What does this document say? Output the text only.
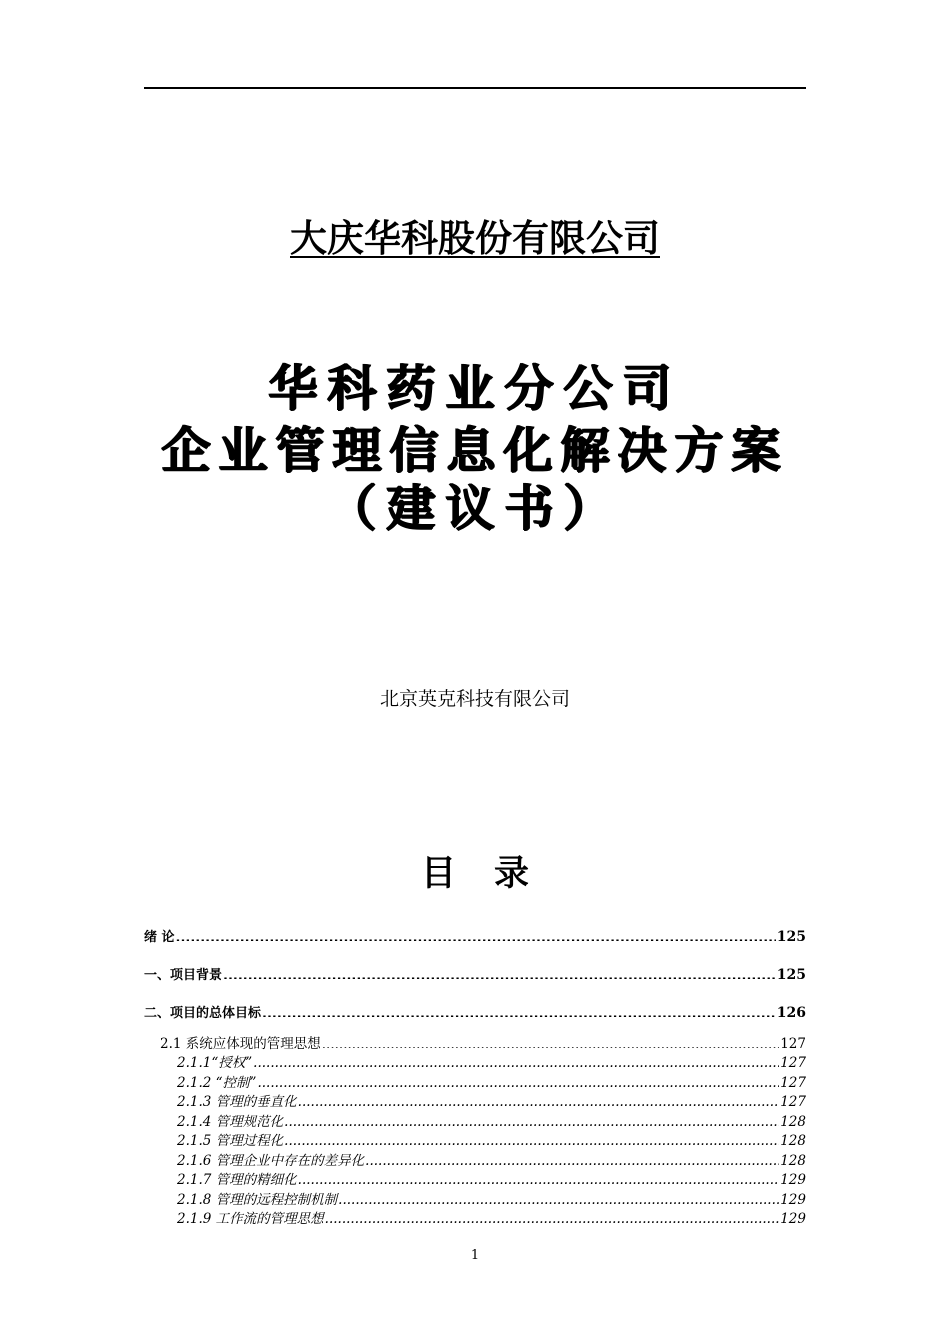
大庆华科股份有限公司
华科药业分公司
企业管理信息化解决方案
（建议书）
北京英克科技有限公司
目 录
绪 论 .....	125
一、项目背景 .....	125
二、项目的总体目标 .....	126
2.1 系统应体现的管理思想 .....	127
2.1.1“授权” .....	127
2.1.2 “控制” .....	127
2.1.3 管理的垂直化 .....	127
2.1.4 管理规范化 .....	128
2.1.5 管理过程化 .....	128
2.1.6 管理企业中存在的差异化 .....	128
2.1.7 管理的精细化 .....	129
2.1.8 管理的远程控制机制 .....	129
2.1.9 工作流的管理思想 .....	129
1
